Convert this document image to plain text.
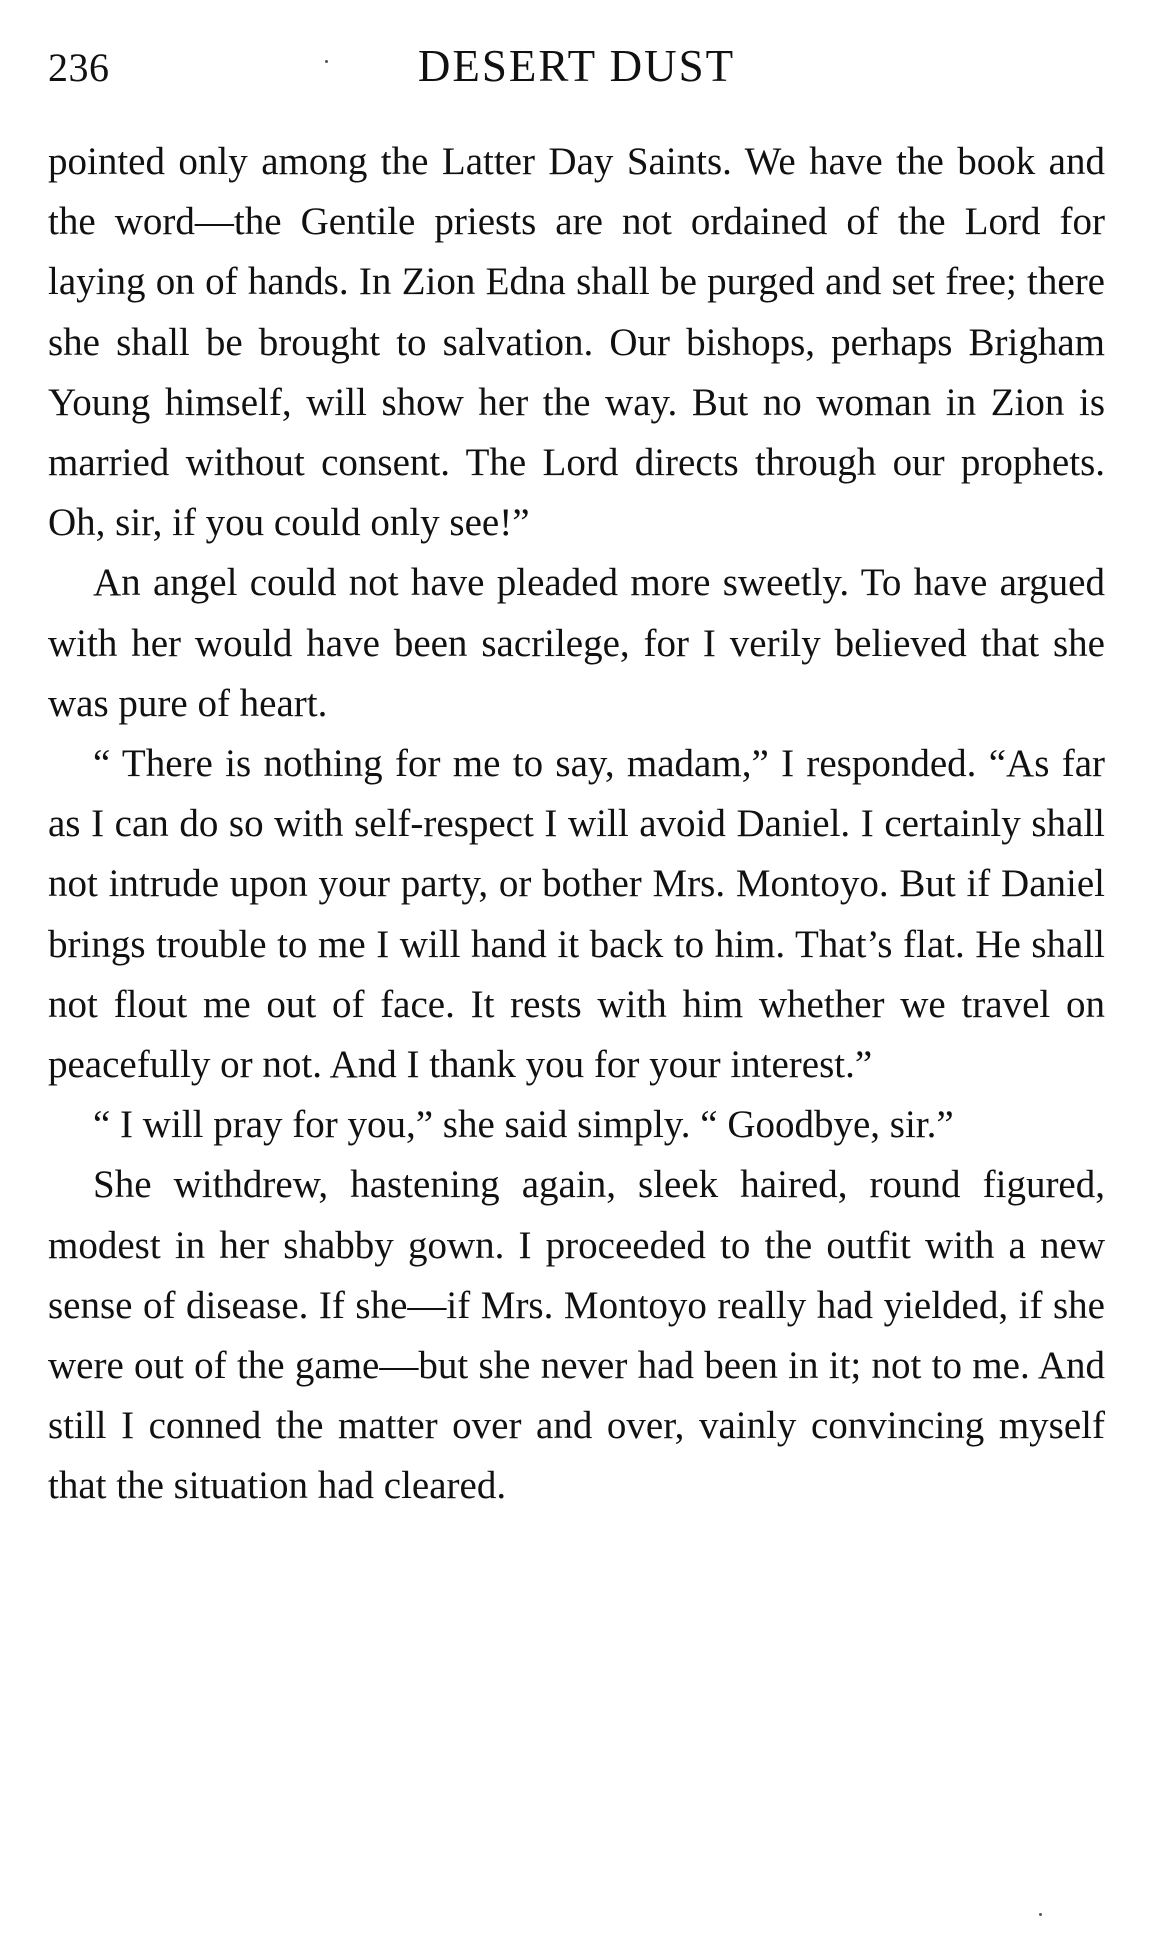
236	DESERT DUST

pointed only among the Latter Day Saints. We have the book and the word—the Gentile priests are not ordained of the Lord for laying on of hands. In Zion Edna shall be purged and set free; there she shall be brought to salvation. Our bishops, perhaps Brigham Young himself, will show her the way. But no woman in Zion is married without consent. The Lord directs through our prophets. Oh, sir, if you could only see!”

An angel could not have pleaded more sweetly. To have argued with her would have been sacrilege, for I verily believed that she was pure of heart.

“ There is nothing for me to say, madam,” I responded. “As far as I can do so with self-respect I will avoid Daniel. I certainly shall not intrude upon your party, or bother Mrs. Montoyo. But if Daniel brings trouble to me I will hand it back to him. That’s flat. He shall not flout me out of face. It rests with him whether we travel on peacefully or not. And I thank you for your interest.”

“ I will pray for you,” she said simply. “ Goodbye, sir.”

She withdrew, hastening again, sleek haired, round figured, modest in her shabby gown. I proceeded to the outfit with a new sense of disease. If she—if Mrs. Montoyo really had yielded, if she were out of the game—but she never had been in it; not to me. And still I conned the matter over and over, vainly convincing myself that the situation had cleared.
